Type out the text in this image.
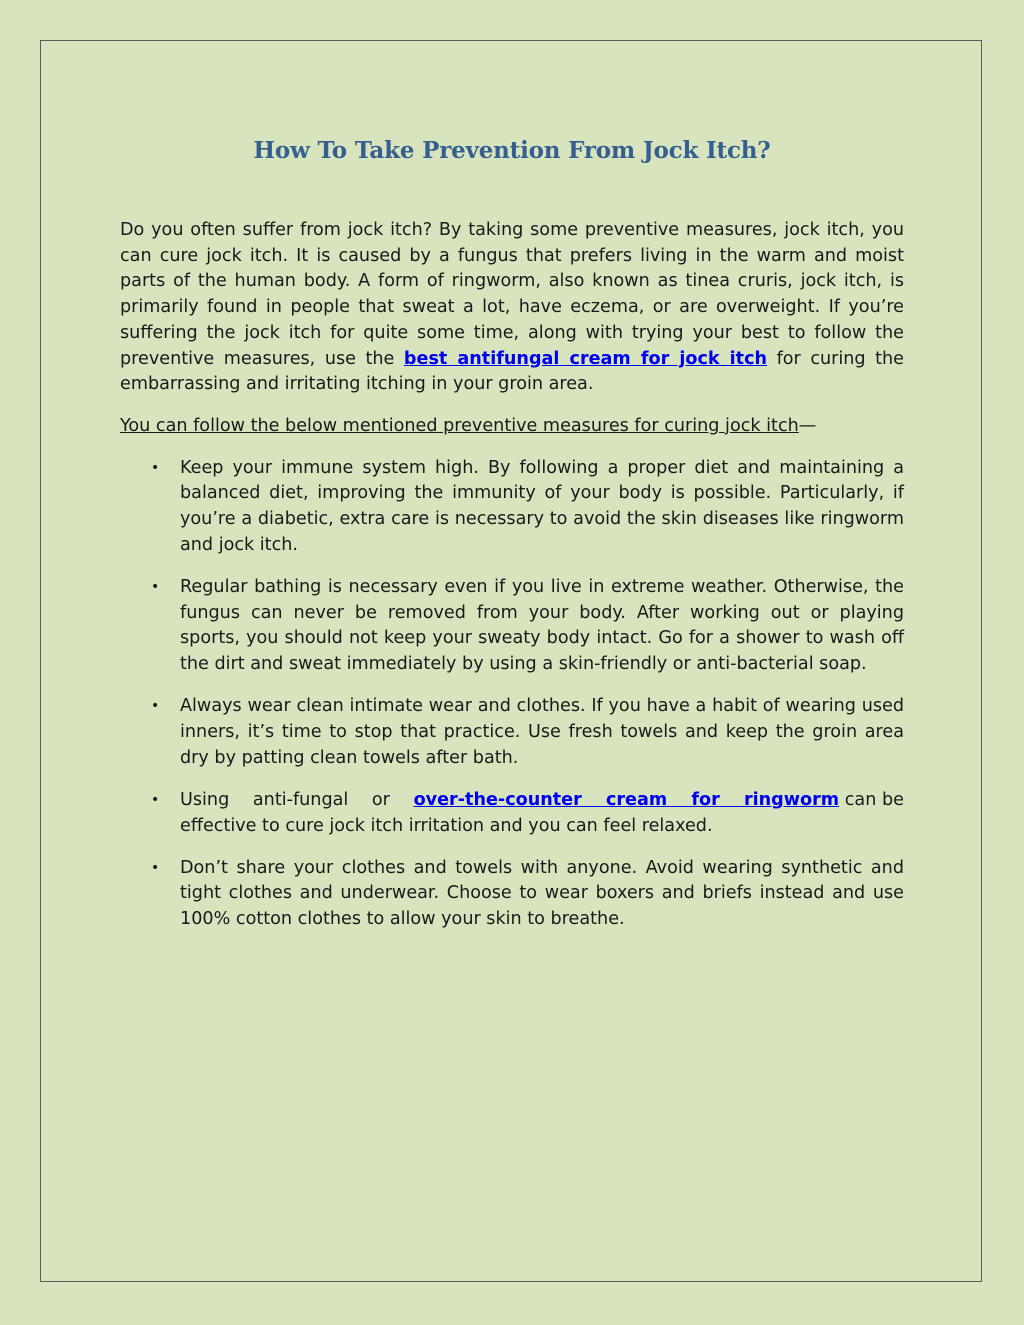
How To Take Prevention From Jock Itch?

Do you often suffer from jock itch? By taking some preventive measures, jock itch, you can cure jock itch. It is caused by a fungus that prefers living in the warm and moist parts of the human body. A form of ringworm, also known as tinea cruris, jock itch, is primarily found in people that sweat a lot, have eczema, or are overweight. If you’re suffering the jock itch for quite some time, along with trying your best to follow the preventive measures, use the best antifungal cream for jock itch for curing the embarrassing and irritating itching in your groin area.

You can follow the below mentioned preventive measures for curing jock itch—

• Keep your immune system high. By following a proper diet and maintaining a balanced diet, improving the immunity of your body is possible. Particularly, if you’re a diabetic, extra care is necessary to avoid the skin diseases like ringworm and jock itch.
• Regular bathing is necessary even if you live in extreme weather. Otherwise, the fungus can never be removed from your body. After working out or playing sports, you should not keep your sweaty body intact. Go for a shower to wash off the dirt and sweat immediately by using a skin-friendly or anti-bacterial soap.
• Always wear clean intimate wear and clothes. If you have a habit of wearing used inners, it’s time to stop that practice. Use fresh towels and keep the groin area dry by patting clean towels after bath.
• Using anti-fungal or over-the-counter cream for ringworm can be effective to cure jock itch irritation and you can feel relaxed.
• Don’t share your clothes and towels with anyone. Avoid wearing synthetic and tight clothes and underwear. Choose to wear boxers and briefs instead and use 100% cotton clothes to allow your skin to breathe.
